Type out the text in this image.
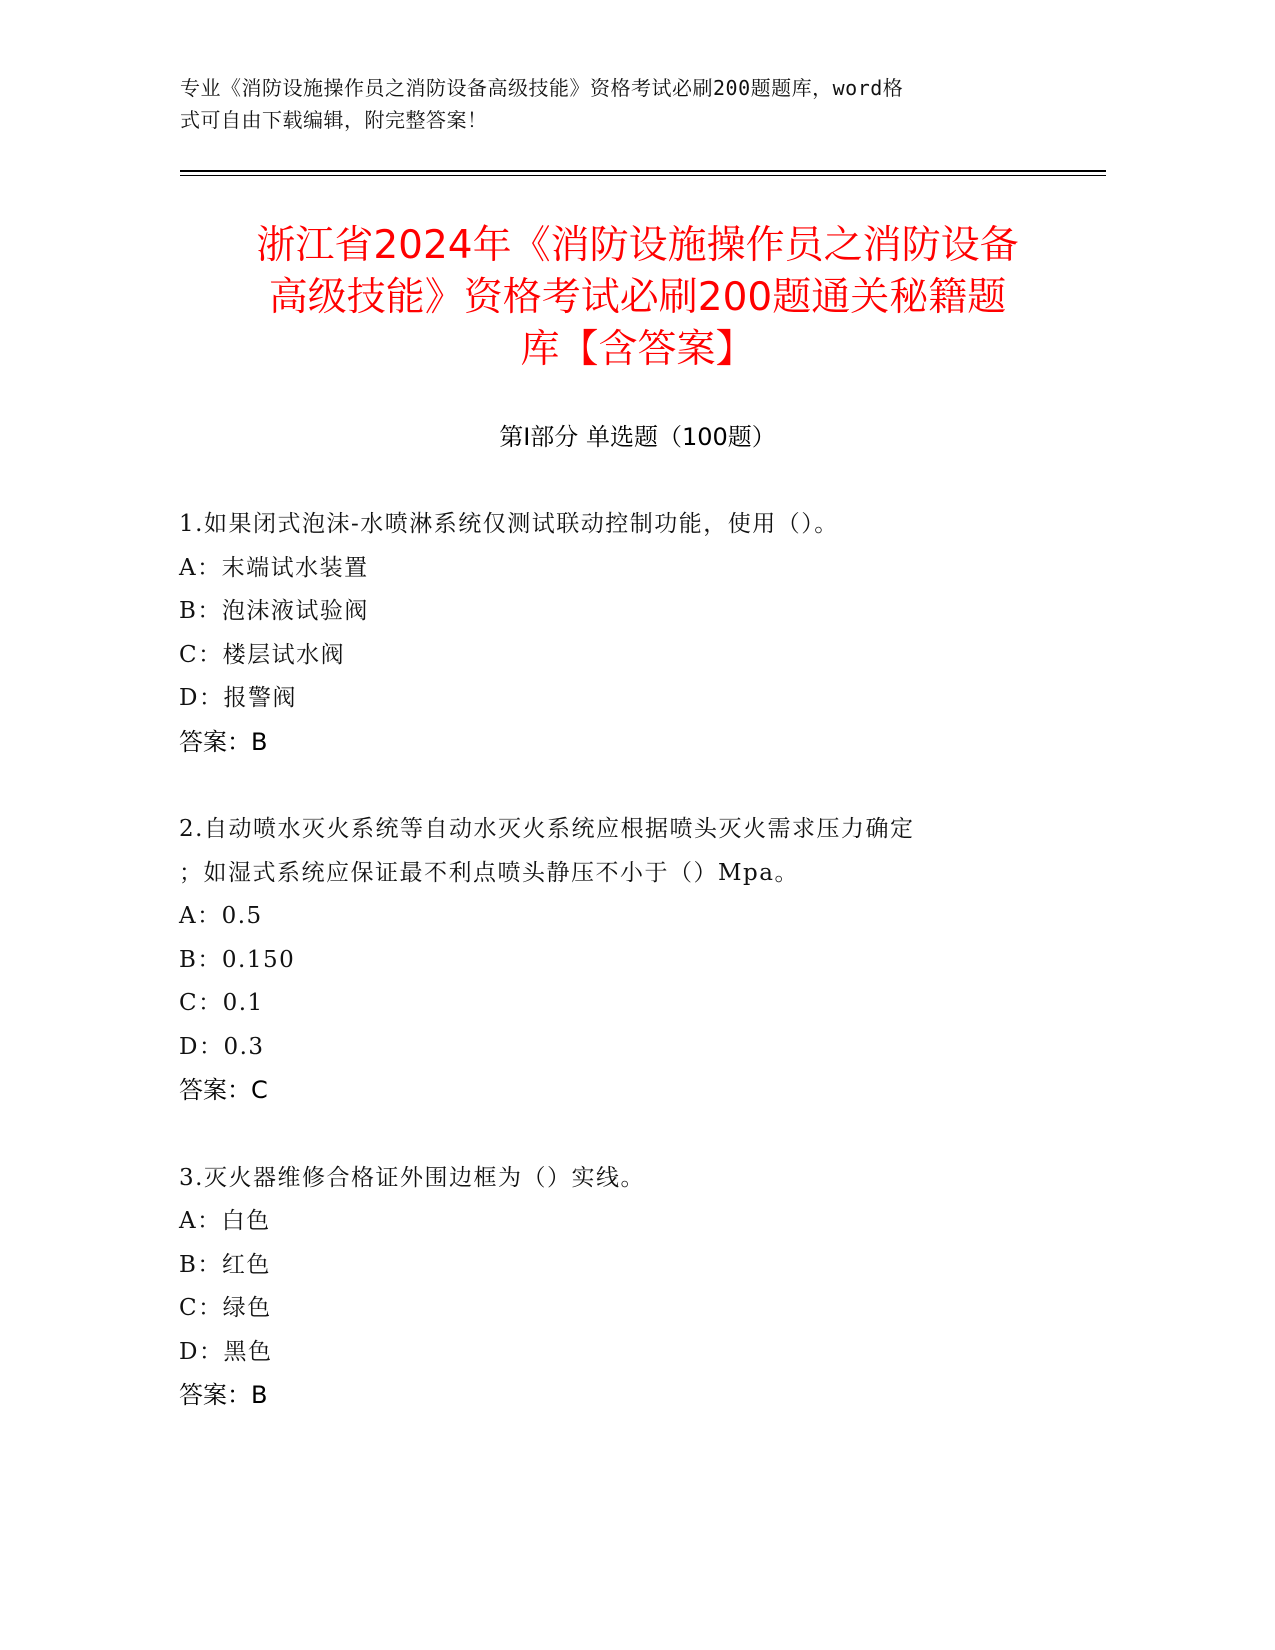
专业《消防设施操作员之消防设备高级技能》资格考试必刷200题题库，word格
式可自由下载编辑，附完整答案！
浙江省2024年《消防设施操作员之消防设备
高级技能》资格考试必刷200题通关秘籍题
库【含答案】
第Ⅰ部分 单选题（100题）
1.如果闭式泡沫-水喷淋系统仅测试联动控制功能，使用（）。
A：末端试水装置
B：泡沫液试验阀
C：楼层试水阀
D：报警阀
答案：B
2.自动喷水灭火系统等自动水灭火系统应根据喷头灭火需求压力确定
；如湿式系统应保证最不利点喷头静压不小于（）Mpa。
A：0.5
B：0.150
C：0.1
D：0.3
答案：C
3.灭火器维修合格证外围边框为（）实线。
A：白色
B：红色
C：绿色
D：黑色
答案：B
